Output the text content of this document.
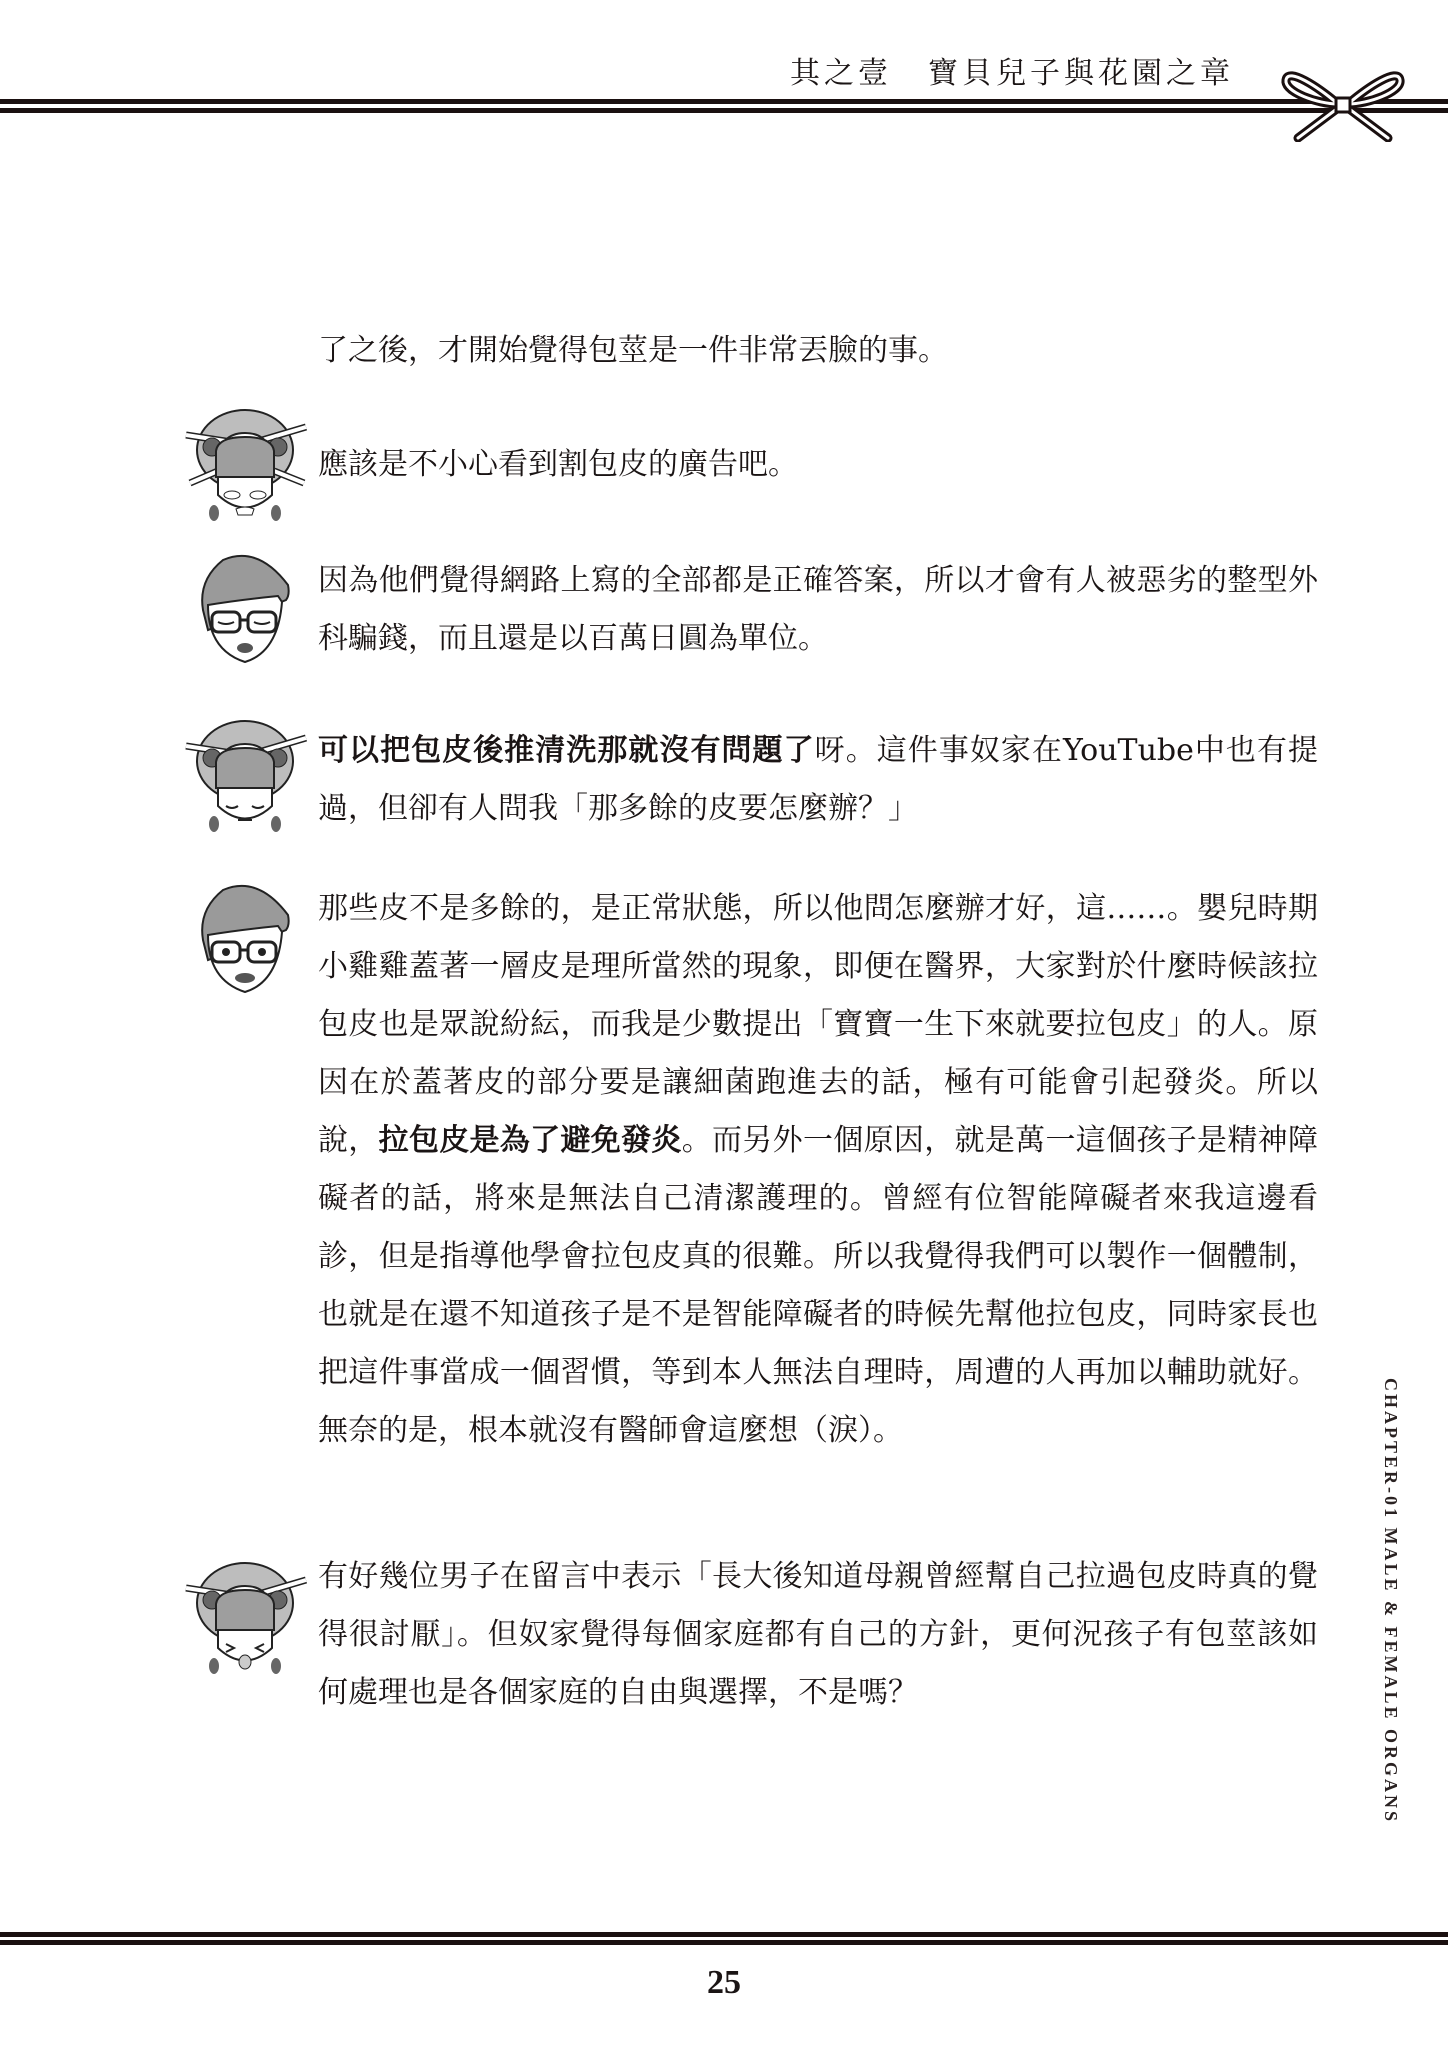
其之壹 寶貝兒子與花園之章

了之後，才開始覺得包莖是一件非常丟臉的事。

應該是不小心看到割包皮的廣告吧。

因為他們覺得網路上寫的全部都是正確答案，所以才會有人被惡劣的整型外科騙錢，而且還是以百萬日圓為單位。

可以把包皮後推清洗那就沒有問題了呀。這件事奴家在YouTube中也有提過，但卻有人問我「那多餘的皮要怎麼辦？」

那些皮不是多餘的，是正常狀態，所以他問怎麼辦才好，這……。嬰兒時期小雞雞蓋著一層皮是理所當然的現象，即便在醫界，大家對於什麼時候該拉包皮也是眾說紛紜，而我是少數提出「寶寶一生下來就要拉包皮」的人。原因在於蓋著皮的部分要是讓細菌跑進去的話，極有可能會引起發炎。所以說，拉包皮是為了避免發炎。而另外一個原因，就是萬一這個孩子是精神障礙者的話，將來是無法自己清潔護理的。曾經有位智能障礙者來我這邊看診，但是指導他學會拉包皮真的很難。所以我覺得我們可以製作一個體制，也就是在還不知道孩子是不是智能障礙者的時候先幫他拉包皮，同時家長也把這件事當成一個習慣，等到本人無法自理時，周遭的人再加以輔助就好。無奈的是，根本就沒有醫師會這麼想（淚）。

有好幾位男子在留言中表示「長大後知道母親曾經幫自己拉過包皮時真的覺得很討厭」。但奴家覺得每個家庭都有自己的方針，更何況孩子有包莖該如何處理也是各個家庭的自由與選擇，不是嗎？	CHAPTER-01 MALE & FEMALE ORGANS
25
